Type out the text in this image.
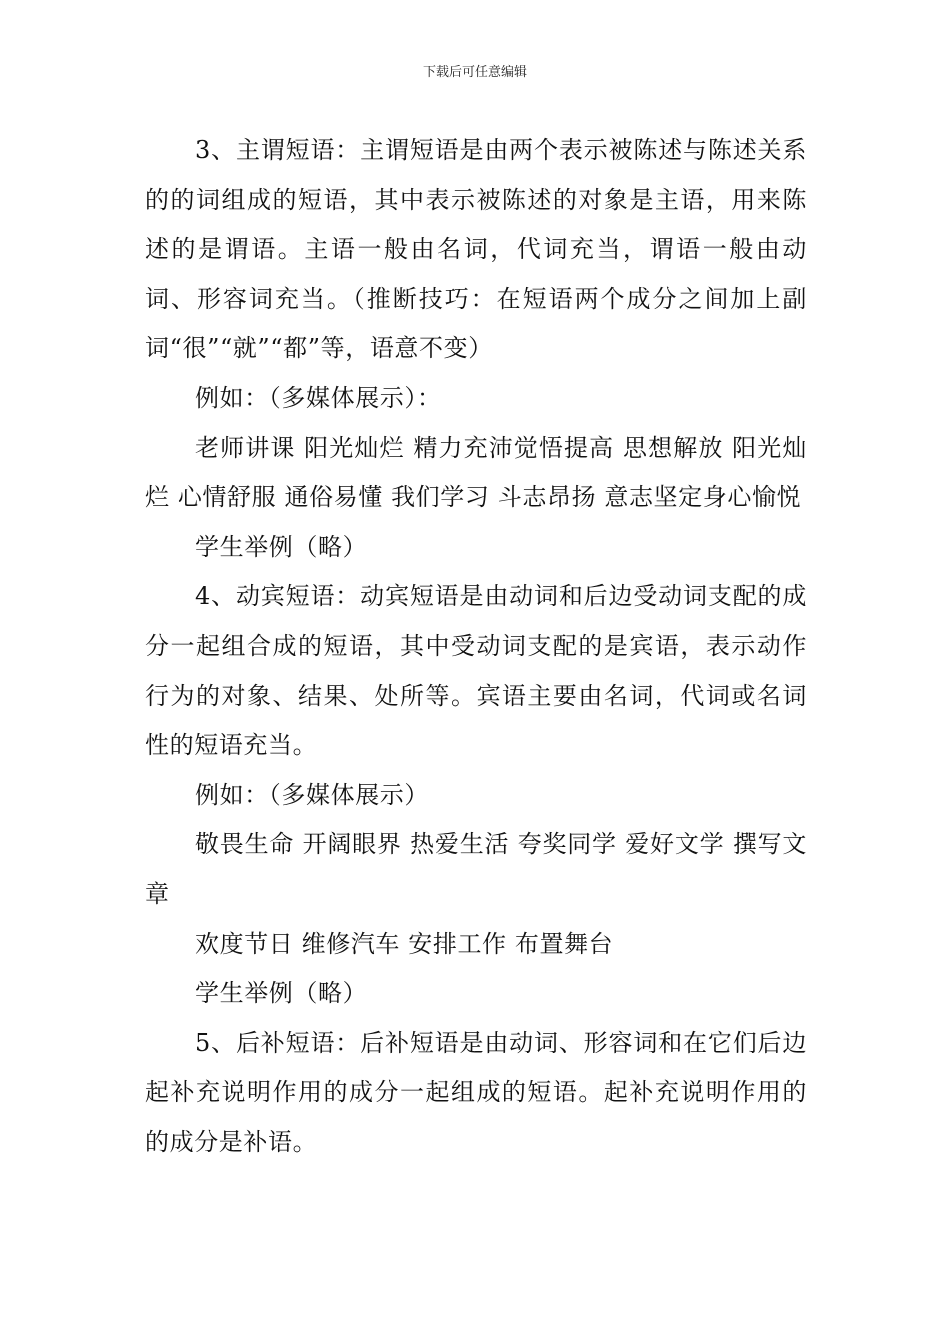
下载后可任意编辑

3、主谓短语：主谓短语是由两个表示被陈述与陈述关系的的词组成的短语，其中表示被陈述的对象是主语，用来陈述的是谓语。主语一般由名词，代词充当，谓语一般由动词、形容词充当。（推断技巧：在短语两个成分之间加上副词“很”“就”“都”等，语意不变）

例如：（多媒体展示）：

老师讲课 阳光灿烂 精力充沛觉悟提高 思想解放 阳光灿烂 心情舒服 通俗易懂 我们学习 斗志昂扬 意志坚定身心愉悦

学生举例（略）

4、动宾短语：动宾短语是由动词和后边受动词支配的成分一起组合成的短语，其中受动词支配的是宾语，表示动作行为的对象、结果、处所等。宾语主要由名词，代词或名词性的短语充当。

例如：（多媒体展示）

敬畏生命 开阔眼界 热爱生活 夸奖同学 爱好文学 撰写文章

欢度节日 维修汽车 安排工作 布置舞台

学生举例（略）

5、后补短语：后补短语是由动词、形容词和在它们后边起补充说明作用的成分一起组成的短语。起补充说明作用的的成分是补语。
